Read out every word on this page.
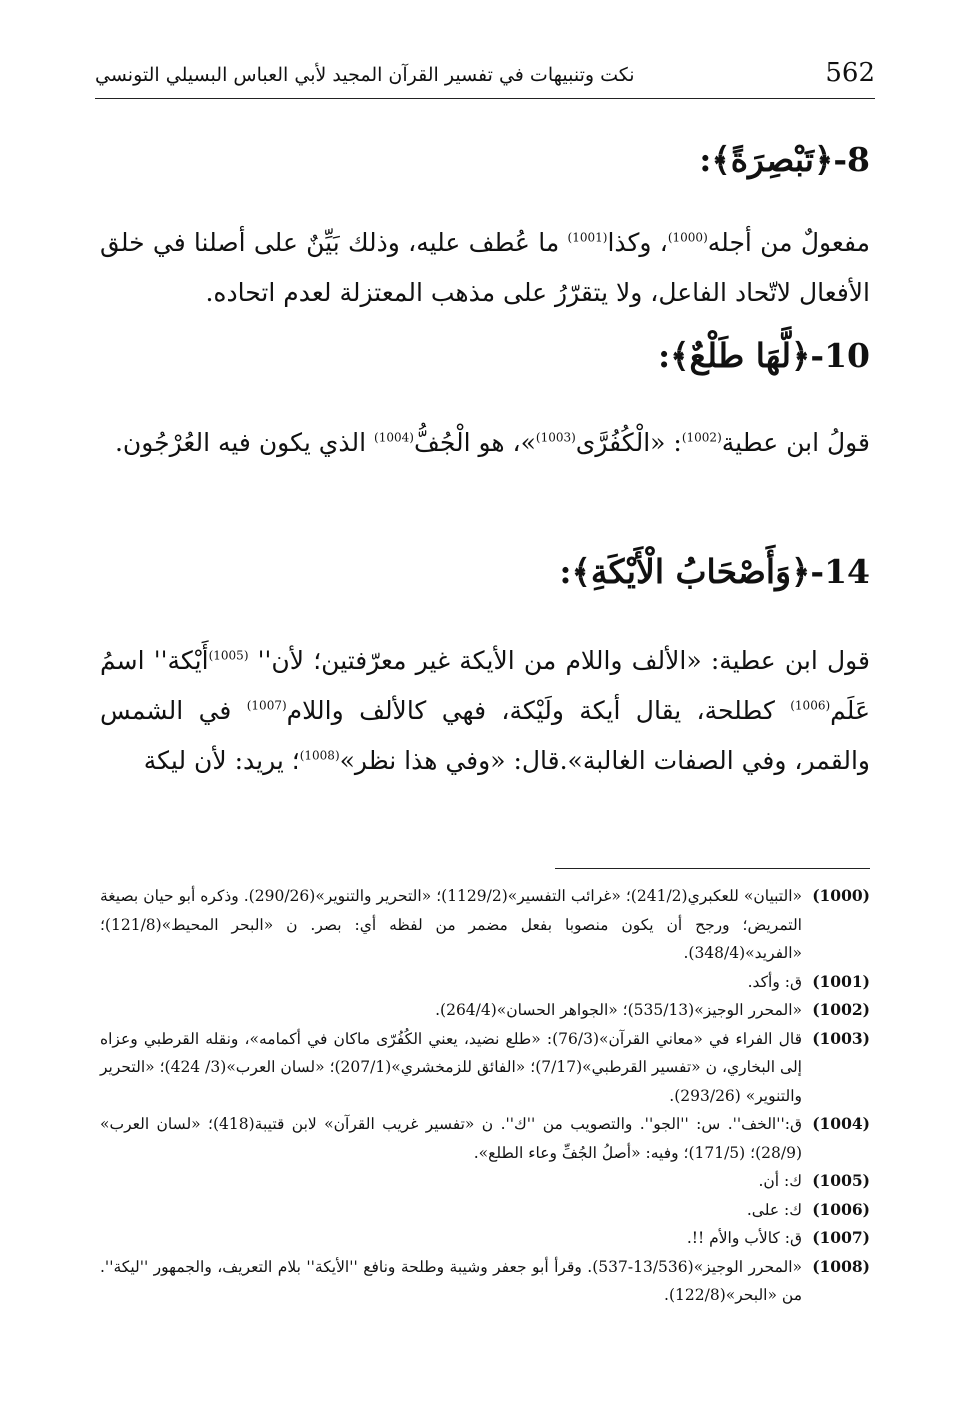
562
نكت وتنبيهات في تفسير القرآن المجيد لأبي العباس البسيلي التونسي
8-﴿تَبْصِرَةً﴾:
مفعولٌ من أجله$^{(1000)}$، وكذا$^{(1001)}$ ما عُطف عليه، وذلك بَيِّنٌ على أصلنا في خلق الأفعال لاتّحاد الفاعل، ولا يتقرّرُ على مذهب المعتزلة لعدم اتحاده.
10-﴿لَّهَا طَلْعٌ﴾:
قولُ ابن عطية$^{(1002)}$: «الْكُفُرَّى$^{(1003)}$»، هو الْجُفُّ$^{(1004)}$ الذي يكون فيه العُرْجُون.
14-﴿وَأَصْحَابُ الْأَيْكَةِ﴾:
قول ابن عطية: «الألف واللام من الأيكة غير معرّفتين؛ لأن'' $^{(1005)}$أَيْكة'' اسمُ عَلَم$^{(1006)}$ كطلحة، يقال أيكة ولَيْكة، فهي كالألف واللام$^{(1007)}$ في الشمس والقمر، وفي الصفات الغالبة».قال: «وفي هذا نظر»$^{(1008)}$؛ يريد: لأن ليكة

(1000)
«التبيان» للعكبري(241/2)؛ «غرائب التفسير»(1129/2)؛ «التحرير والتنوير»(290/26). وذكره أبو حيان بصيغة التمريض؛ ورجح أن يكون منصوبا بفعل مضمر من لفظه أي: بصر. ن «البحر المحيط»(121/8)؛ «الفريد»(348/4).

(1001)
ق: وأكد.

(1002)
«المحرر الوجيز»(535/13)؛ «الجواهر الحسان»(264/4).

(1003)
قال الفراء في «معاني القرآن»(76/3): «طلع نضيد، يعني الكُفُرّى ماكان في أكمامه»، ونقله القرطبي وعزاه إلى البخاري، ن «تفسير القرطبي»(7/17)؛ «الفائق للزمخشري»(207/1)؛ «لسان العرب»(3/ 424)؛ «التحرير والتنوير» (293/26).

(1004)
ق:''الخف''. س: ''الجو''. والتصويب من ''ك''. ن «تفسير غريب القرآن» لابن قتيبة(418)؛ «لسان العرب» (28/9)؛ (171/5)؛ وفيه: «أصلُ الجُفِّ وعاء الطلع».

(1005)
ك: أن.

(1006)
ك: على.

(1007)
ق: كالأب والأم !!.

(1008)
«المحرر الوجيز»(13/536-537). وقرأ أبو جعفر وشيبة وطلحة ونافع ''الأيكة'' بلام التعريف، والجمهور ''ليكة''. من «البحر»(122/8).
